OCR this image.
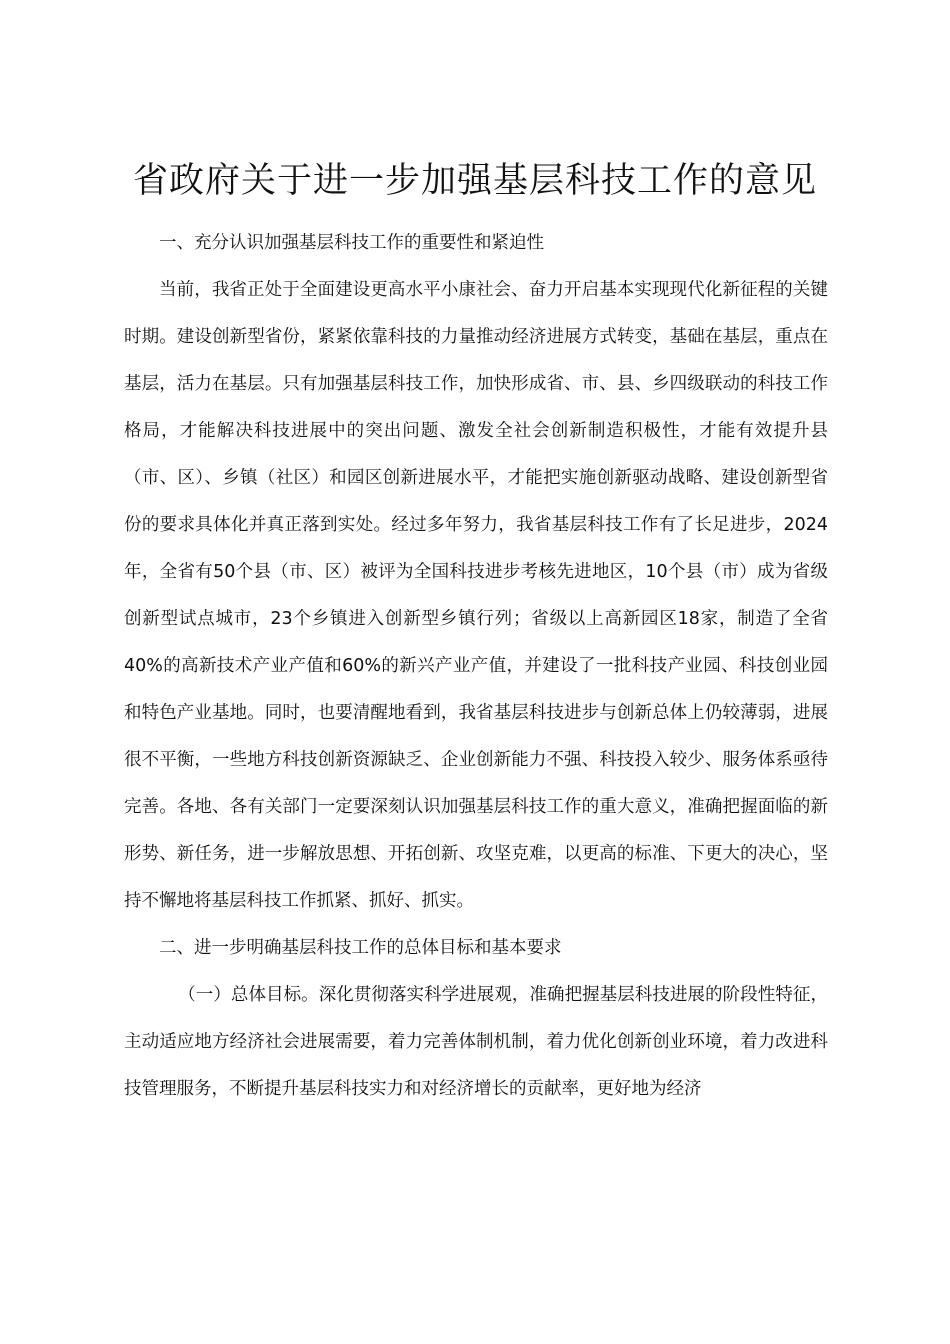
省政府关于进一步加强基层科技工作的意见

一、充分认识加强基层科技工作的重要性和紧迫性

当前，我省正处于全面建设更高水平小康社会、奋力开启基本实现现代化新征程的关键时期。建设创新型省份，紧紧依靠科技的力量推动经济进展方式转变，基础在基层，重点在基层，活力在基层。只有加强基层科技工作，加快形成省、市、县、乡四级联动的科技工作格局，才能解决科技进展中的突出问题、激发全社会创新制造积极性，才能有效提升县（市、区）、乡镇（社区）和园区创新进展水平，才能把实施创新驱动战略、建设创新型省份的要求具体化并真正落到实处。经过多年努力，我省基层科技工作有了长足进步，2024年，全省有50个县（市、区）被评为全国科技进步考核先进地区，10个县（市）成为省级创新型试点城市，23个乡镇进入创新型乡镇行列；省级以上高新园区18家，制造了全省40%的高新技术产业产值和60%的新兴产业产值，并建设了一批科技产业园、科技创业园和特色产业基地。同时，也要清醒地看到，我省基层科技进步与创新总体上仍较薄弱，进展很不平衡，一些地方科技创新资源缺乏、企业创新能力不强、科技投入较少、服务体系亟待完善。各地、各有关部门一定要深刻认识加强基层科技工作的重大意义，准确把握面临的新形势、新任务，进一步解放思想、开拓创新、攻坚克难，以更高的标准、下更大的决心，坚持不懈地将基层科技工作抓紧、抓好、抓实。

二、进一步明确基层科技工作的总体目标和基本要求

（一）总体目标。深化贯彻落实科学进展观，准确把握基层科技进展的阶段性特征，主动适应地方经济社会进展需要，着力完善体制机制，着力优化创新创业环境，着力改进科技管理服务，不断提升基层科技实力和对经济增长的贡献率，更好地为经济
